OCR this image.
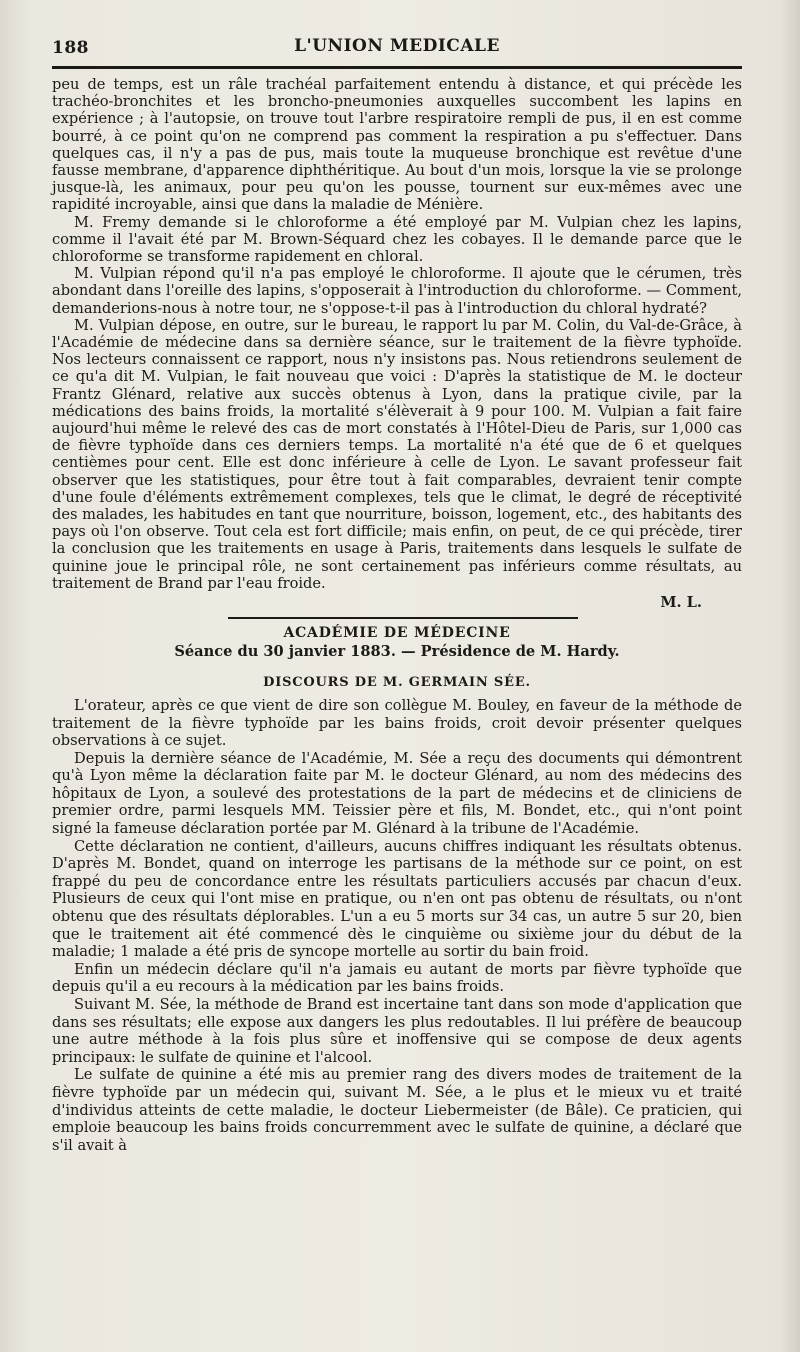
188	L'UNION MEDICALE

peu de temps, est un râle trachéal parfaitement entendu à distance, et qui précède les trachéo-bronchites et les broncho-pneumonies auxquelles succombent les lapins en expérience ; à l'autopsie, on trouve tout l'arbre respiratoire rempli de pus, il en est comme bourré, à ce point qu'on ne comprend pas comment la respiration a pu s'effectuer. Dans quelques cas, il n'y a pas de pus, mais toute la muqueuse bronchique est revêtue d'une fausse membrane, d'apparence diphthéritique. Au bout d'un mois, lorsque la vie se prolonge jusque-là, les animaux, pour peu qu'on les pousse, tournent sur eux-mêmes avec une rapidité incroyable, ainsi que dans la maladie de Ménière.

M. Fremy demande si le chloroforme a été employé par M. Vulpian chez les lapins, comme il l'avait été par M. Brown-Séquard chez les cobayes. Il le demande parce que le chloroforme se transforme rapidement en chloral.

M. Vulpian répond qu'il n'a pas employé le chloroforme. Il ajoute que le cérumen, très abondant dans l'oreille des lapins, s'opposerait à l'introduction du chloroforme. — Comment, demanderions-nous à notre tour, ne s'oppose-t-il pas à l'introduction du chloral hydraté?

M. Vulpian dépose, en outre, sur le bureau, le rapport lu par M. Colin, du Val-de-Grâce, à l'Académie de médecine dans sa dernière séance, sur le traitement de la fièvre typhoïde. Nos lecteurs connaissent ce rapport, nous n'y insistons pas. Nous retiendrons seulement de ce qu'a dit M. Vulpian, le fait nouveau que voici : D'après la statistique de M. le docteur Frantz Glénard, relative aux succès obtenus à Lyon, dans la pratique civile, par la médications des bains froids, la mortalité s'élèverait à 9 pour 100. M. Vulpian a fait faire aujourd'hui même le relevé des cas de mort constatés à l'Hôtel-Dieu de Paris, sur 1,000 cas de fièvre typhoïde dans ces derniers temps. La mortalité n'a été que de 6 et quelques centièmes pour cent. Elle est donc inférieure à celle de Lyon. Le savant professeur fait observer que les statistiques, pour être tout à fait comparables, devraient tenir compte d'une foule d'éléments extrêmement complexes, tels que le climat, le degré de réceptivité des malades, les habitudes en tant que nourriture, boisson, logement, etc., des habitants des pays où l'on observe. Tout cela est fort difficile; mais enfin, on peut, de ce qui précède, tirer la conclusion que les traitements en usage à Paris, traitements dans lesquels le sulfate de quinine joue le principal rôle, ne sont certainement pas inférieurs comme résultats, au traitement de Brand par l'eau froide.

M. L.

ACADÉMIE DE MÉDECINE

Séance du 30 janvier 1883. — Présidence de M. Hardy.

DISCOURS DE M. GERMAIN SÉE.

L'orateur, après ce que vient de dire son collègue M. Bouley, en faveur de la méthode de traitement de la fièvre typhoïde par les bains froids, croit devoir présenter quelques observations à ce sujet.

Depuis la dernière séance de l'Académie, M. Sée a reçu des documents qui démontrent qu'à Lyon même la déclaration faite par M. le docteur Glénard, au nom des médecins des hôpitaux de Lyon, a soulevé des protestations de la part de médecins et de cliniciens de premier ordre, parmi lesquels MM. Teissier père et fils, M. Bondet, etc., qui n'ont point signé la fameuse déclaration portée par M. Glénard à la tribune de l'Académie.

Cette déclaration ne contient, d'ailleurs, aucuns chiffres indiquant les résultats obtenus. D'après M. Bondet, quand on interroge les partisans de la méthode sur ce point, on est frappé du peu de concordance entre les résultats particuliers accusés par chacun d'eux. Plusieurs de ceux qui l'ont mise en pratique, ou n'en ont pas obtenu de résultats, ou n'ont obtenu que des résultats déplorables. L'un a eu 5 morts sur 34 cas, un autre 5 sur 20, bien que le traitement ait été commencé dès le cinquième ou sixième jour du début de la maladie; 1 malade a été pris de syncope mortelle au sortir du bain froid.

Enfin un médecin déclare qu'il n'a jamais eu autant de morts par fièvre typhoïde que depuis qu'il a eu recours à la médication par les bains froids.

Suivant M. Sée, la méthode de Brand est incertaine tant dans son mode d'application que dans ses résultats; elle expose aux dangers les plus redoutables. Il lui préfère de beaucoup une autre méthode à la fois plus sûre et inoffensive qui se compose de deux agents principaux: le sulfate de quinine et l'alcool.

Le sulfate de quinine a été mis au premier rang des divers modes de traitement de la fièvre typhoïde par un médecin qui, suivant M. Sée, a le plus et le mieux vu et traité d'individus atteints de cette maladie, le docteur Liebermeister (de Bâle). Ce praticien, qui emploie beaucoup les bains froids concurremment avec le sulfate de quinine, a déclaré que s'il avait à
